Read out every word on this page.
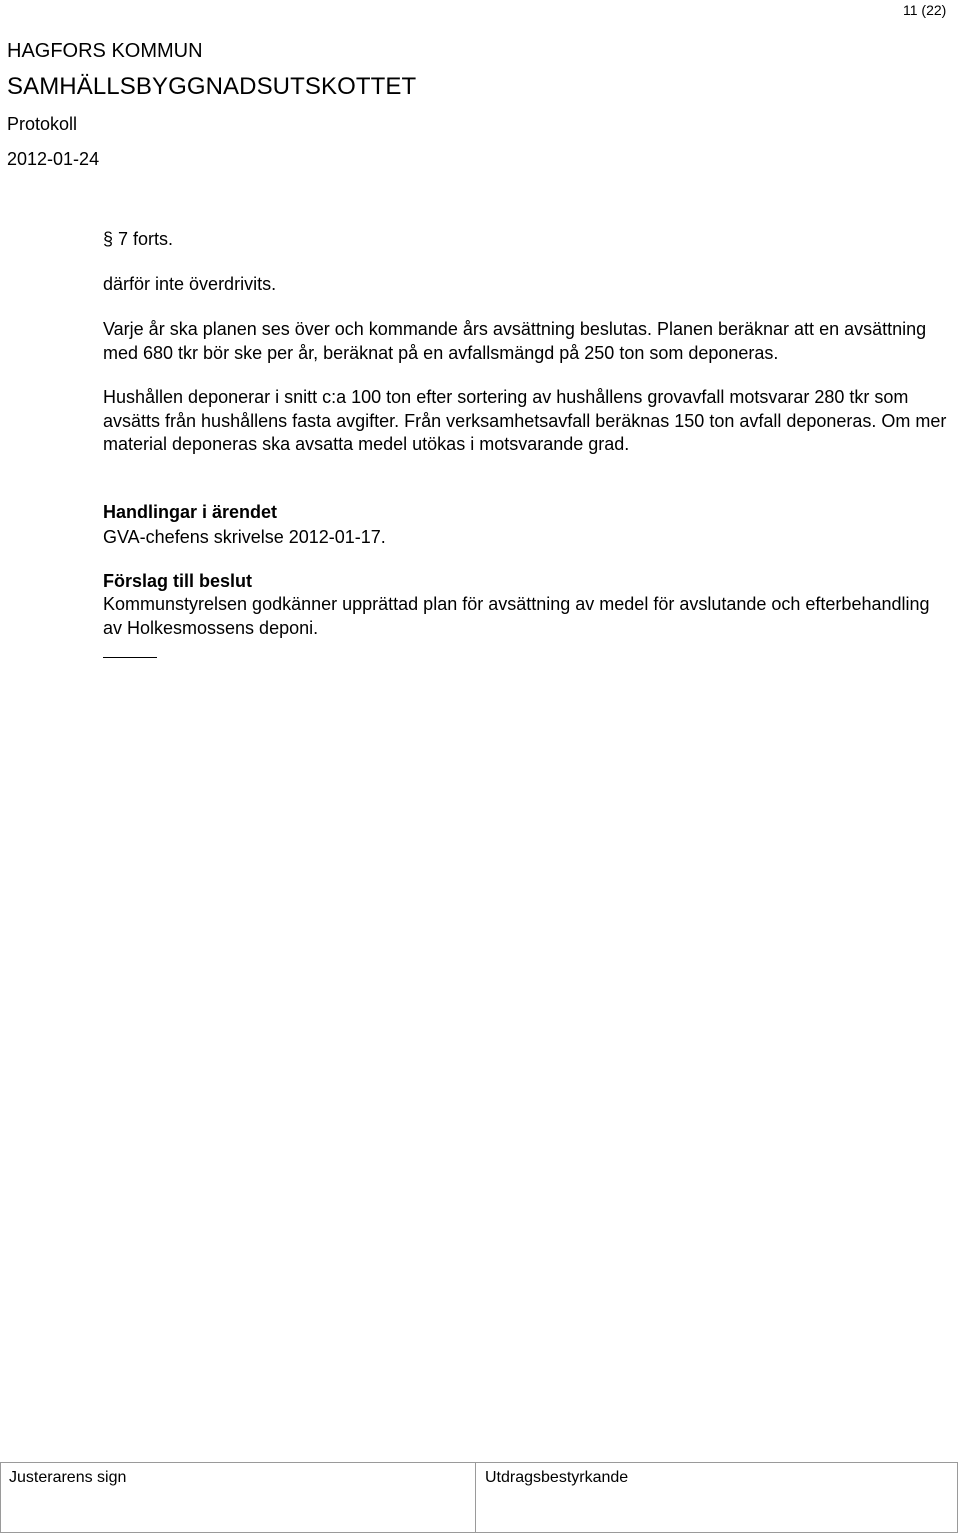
11 (22)
HAGFORS KOMMUN
SAMHÄLLSBYGGNADSUTSKOTTET
Protokoll
2012-01-24
§ 7 forts.
därför inte överdrivits.
Varje år ska planen ses över och kommande års avsättning beslutas. Planen beräknar att en avsättning med 680 tkr bör ske per år, beräknat på en avfallsmängd på 250 ton som deponeras.
Hushållen deponerar i snitt c:a 100 ton efter sortering av hushållens grovavfall motsvarar 280 tkr som avsätts från hushållens fasta avgifter. Från verksamhetsavfall beräknas 150 ton avfall deponeras. Om mer material deponeras ska avsatta medel utökas i motsvarande grad.
Handlingar i ärendet
GVA-chefens skrivelse 2012-01-17.
Förslag till beslut
Kommunstyrelsen godkänner upprättad plan för avsättning av medel för avslutande och efterbehandling av Holkesmossens deponi.
Justerarens sign	Utdragsbestyrkande
